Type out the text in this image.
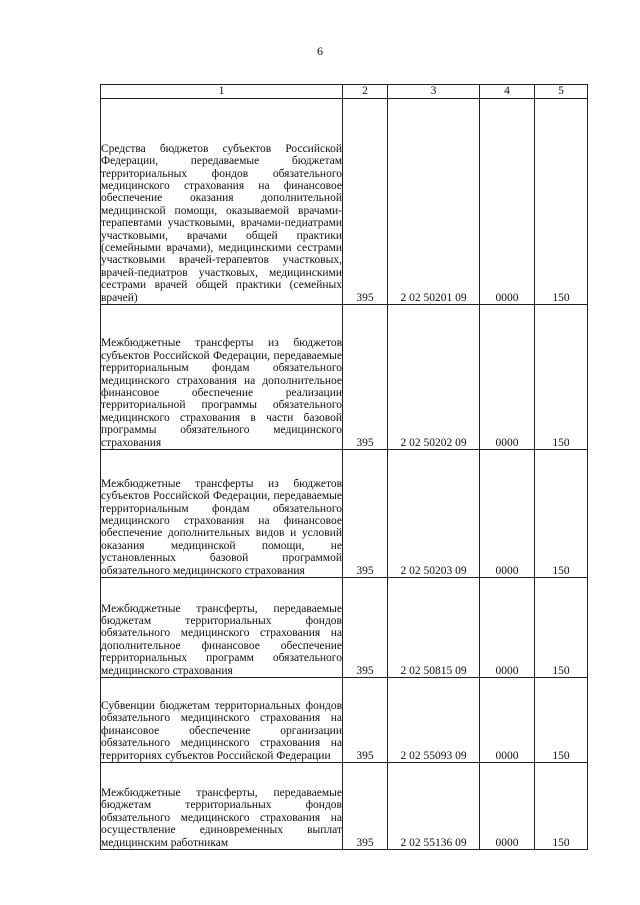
6
1	2	3	4	5
Средства бюджетов субъектов Российской Федерации, передаваемые бюджетам территориальных фондов обязательного медицинского страхования на финансовое обеспечение оказания дополнительной медицинской помощи, оказываемой врачами-терапевтами участковыми, врачами-педиатрами участковыми, врачами общей практики (семейными врачами), медицинскими сестрами участковыми врачей-терапевтов участковых, врачей-педиатров участковых, медицинскими сестрами врачей общей практики (семейных врачей)	395	2 02 50201 09	0000	150
Межбюджетные трансферты из бюджетов субъектов Российской Федерации, передаваемые территориальным фондам обязательного медицинского страхования на дополнительное финансовое обеспечение реализации территориальной программы обязательного медицинского страхования в части базовой программы обязательного медицинского страхования	395	2 02 50202 09	0000	150
Межбюджетные трансферты из бюджетов субъектов Российской Федерации, передаваемые территориальным фондам обязательного медицинского страхования на финансовое обеспечение дополнительных видов и условий оказания медицинской помощи, не установленных базовой программой обязательного медицинского страхования	395	2 02 50203 09	0000	150
Межбюджетные трансферты, передаваемые бюджетам территориальных фондов обязательного медицинского страхования на дополнительное финансовое обеспечение территориальных программ обязательного медицинского страхования	395	2 02 50815 09	0000	150
Субвенции бюджетам территориальных фондов обязательного медицинского страхования на финансовое обеспечение организации обязательного медицинского страхования на территориях субъектов Российской Федерации	395	2 02 55093 09	0000	150
Межбюджетные трансферты, передаваемые бюджетам территориальных фондов обязательного медицинского страхования на осуществление единовременных выплат медицинским работникам	395	2 02 55136 09	0000	150
